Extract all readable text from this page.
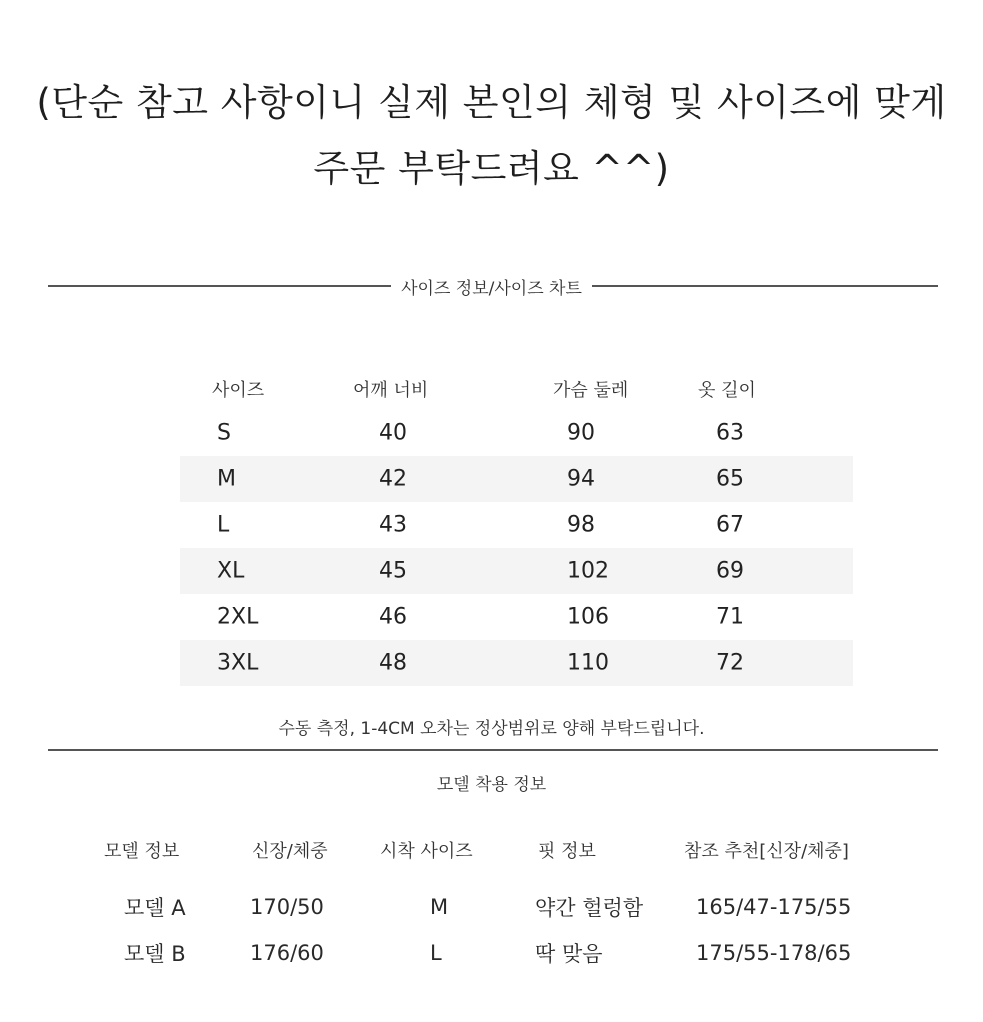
(단순 참고 사항이니 실제 본인의 체형 및 사이즈에 맞게
주문 부탁드려요 ^^)
사이즈 정보/사이즈 차트
사이즈	어깨 너비	가슴 둘레	옷 길이
S	40	90	63
M	42	94	65
L	43	98	67
XL	45	102	69
2XL	46	106	71
3XL	48	110	72
수동 측정, 1-4CM 오차는 정상범위로 양해 부탁드립니다.
모델 착용 정보
모델 정보	신장/체중	시착 사이즈	핏 정보	참조 추천[신장/체중]
모델 A	170/50	M	약간 헐렁함	165/47-175/55
모델 B	176/60	L	딱 맞음	175/55-178/65
